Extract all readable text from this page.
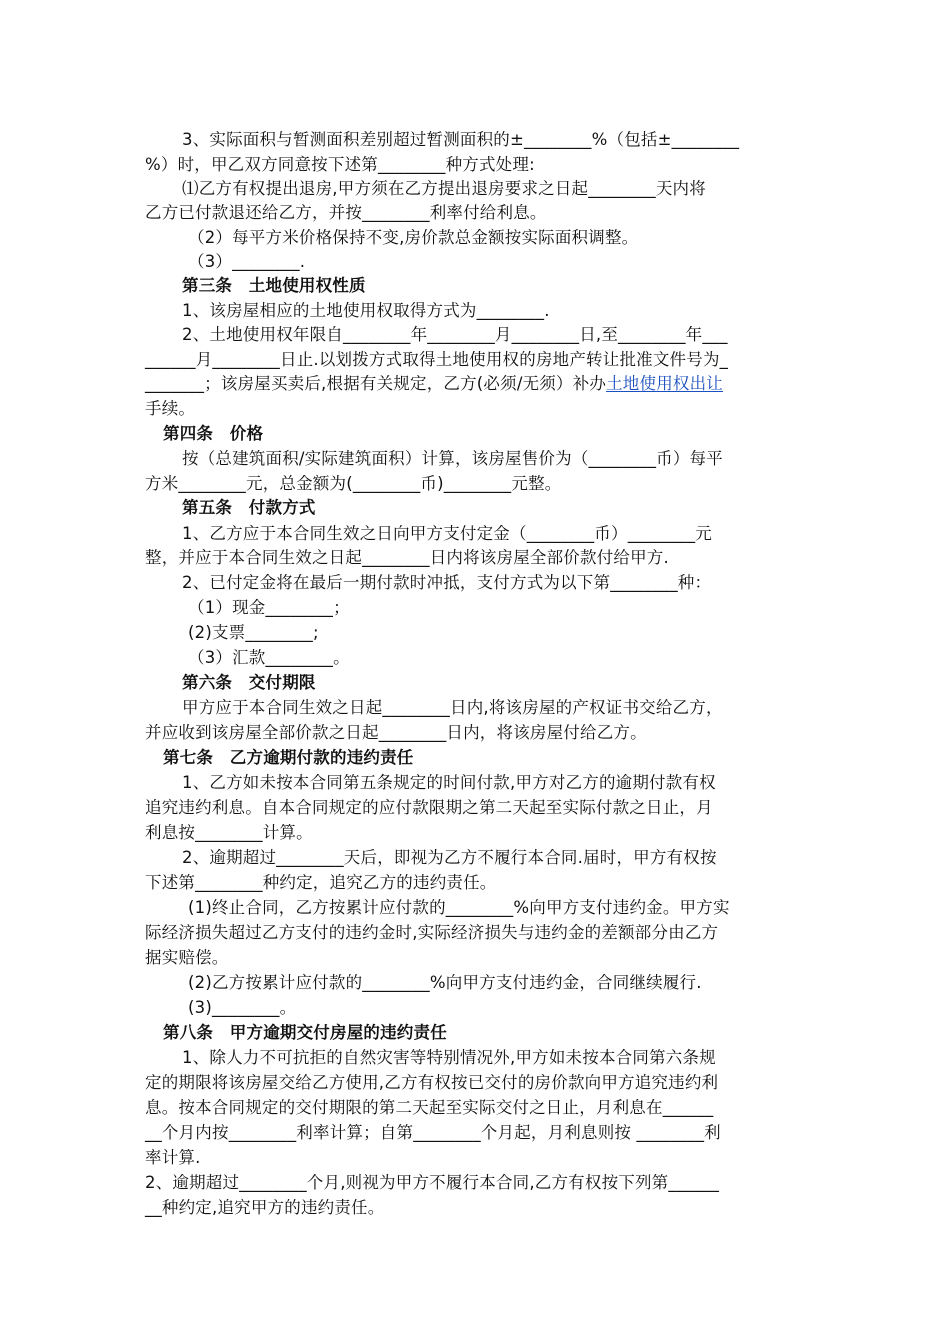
3、实际面积与暂测面积差别超过暂测面积的±________%（包括±________
%）时，甲乙双方同意按下述第________种方式处理:
⑴乙方有权提出退房,甲方须在乙方提出退房要求之日起________天内将
乙方已付款退还给乙方，并按________利率付给利息。
（2）每平方米价格保持不变,房价款总金额按实际面积调整。
（3）________.
第三条　土地使用权性质
1、该房屋相应的土地使用权取得方式为________.
2、土地使用权年限自________年________月________日,至________年___
______月________日止.以划拨方式取得土地使用权的房地产转让批准文件号为_
_______；该房屋买卖后,根据有关规定，乙方(必须/无须）补办土地使用权出让
手续。
第四条　价格
按（总建筑面积/实际建筑面积）计算，该房屋售价为（________币）每平
方米________元，总金额为(________币)________元整。
第五条　付款方式
1、乙方应于本合同生效之日向甲方支付定金（________币）________元
整，并应于本合同生效之日起________日内将该房屋全部价款付给甲方.
2、已付定金将在最后一期付款时冲抵，支付方式为以下第________种：
（1）现金________；
(2)支票________;
（3）汇款________。
第六条　交付期限
甲方应于本合同生效之日起________日内,将该房屋的产权证书交给乙方，
并应收到该房屋全部价款之日起________日内，将该房屋付给乙方。
第七条　乙方逾期付款的违约责任
1、乙方如未按本合同第五条规定的时间付款,甲方对乙方的逾期付款有权
追究违约利息。自本合同规定的应付款限期之第二天起至实际付款之日止，月
利息按________计算。
2、逾期超过________天后，即视为乙方不履行本合同.届时，甲方有权按
下述第________种约定，追究乙方的违约责任。
(1)终止合同，乙方按累计应付款的________%向甲方支付违约金。甲方实
际经济损失超过乙方支付的违约金时,实际经济损失与违约金的差额部分由乙方
据实赔偿。
(2)乙方按累计应付款的________%向甲方支付违约金，合同继续履行.
(3)________。
第八条　甲方逾期交付房屋的违约责任
1、除人力不可抗拒的自然灾害等特别情况外,甲方如未按本合同第六条规
定的期限将该房屋交给乙方使用,乙方有权按已交付的房价款向甲方追究违约利
息。按本合同规定的交付期限的第二天起至实际交付之日止，月利息在______
__个月内按________利率计算；自第________个月起，月利息则按 ________利
率计算.
2、逾期超过________个月,则视为甲方不履行本合同,乙方有权按下列第______
__种约定,追究甲方的违约责任。
